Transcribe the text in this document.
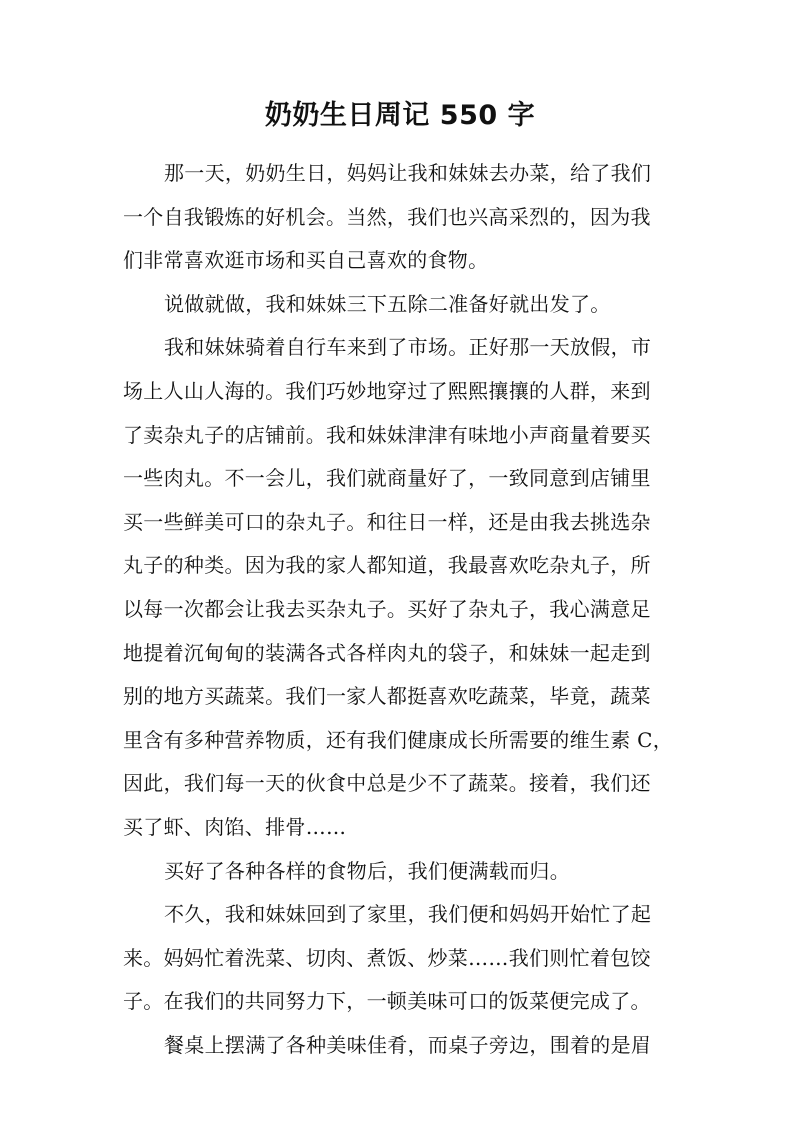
奶奶生日周记 550 字
那一天，奶奶生日，妈妈让我和妹妹去办菜，给了我们
一个自我锻炼的好机会。当然，我们也兴高采烈的，因为我
们非常喜欢逛市场和买自己喜欢的食物。
说做就做，我和妹妹三下五除二准备好就出发了。
我和妹妹骑着自行车来到了市场。正好那一天放假，市
场上人山人海的。我们巧妙地穿过了熙熙攘攘的人群，来到
了卖杂丸子的店铺前。我和妹妹津津有味地小声商量着要买
一些肉丸。不一会儿，我们就商量好了，一致同意到店铺里
买一些鲜美可口的杂丸子。和往日一样，还是由我去挑选杂
丸子的种类。因为我的家人都知道，我最喜欢吃杂丸子，所
以每一次都会让我去买杂丸子。买好了杂丸子，我心满意足
地提着沉甸甸的装满各式各样肉丸的袋子，和妹妹一起走到
别的地方买蔬菜。我们一家人都挺喜欢吃蔬菜，毕竟，蔬菜
里含有多种营养物质，还有我们健康成长所需要的维生素 C，
因此，我们每一天的伙食中总是少不了蔬菜。接着，我们还
买了虾、肉馅、排骨……
买好了各种各样的食物后，我们便满载而归。
不久，我和妹妹回到了家里，我们便和妈妈开始忙了起
来。妈妈忙着洗菜、切肉、煮饭、炒菜……我们则忙着包饺
子。在我们的共同努力下，一顿美味可口的饭菜便完成了。
餐桌上摆满了各种美味佳肴，而桌子旁边，围着的是眉
